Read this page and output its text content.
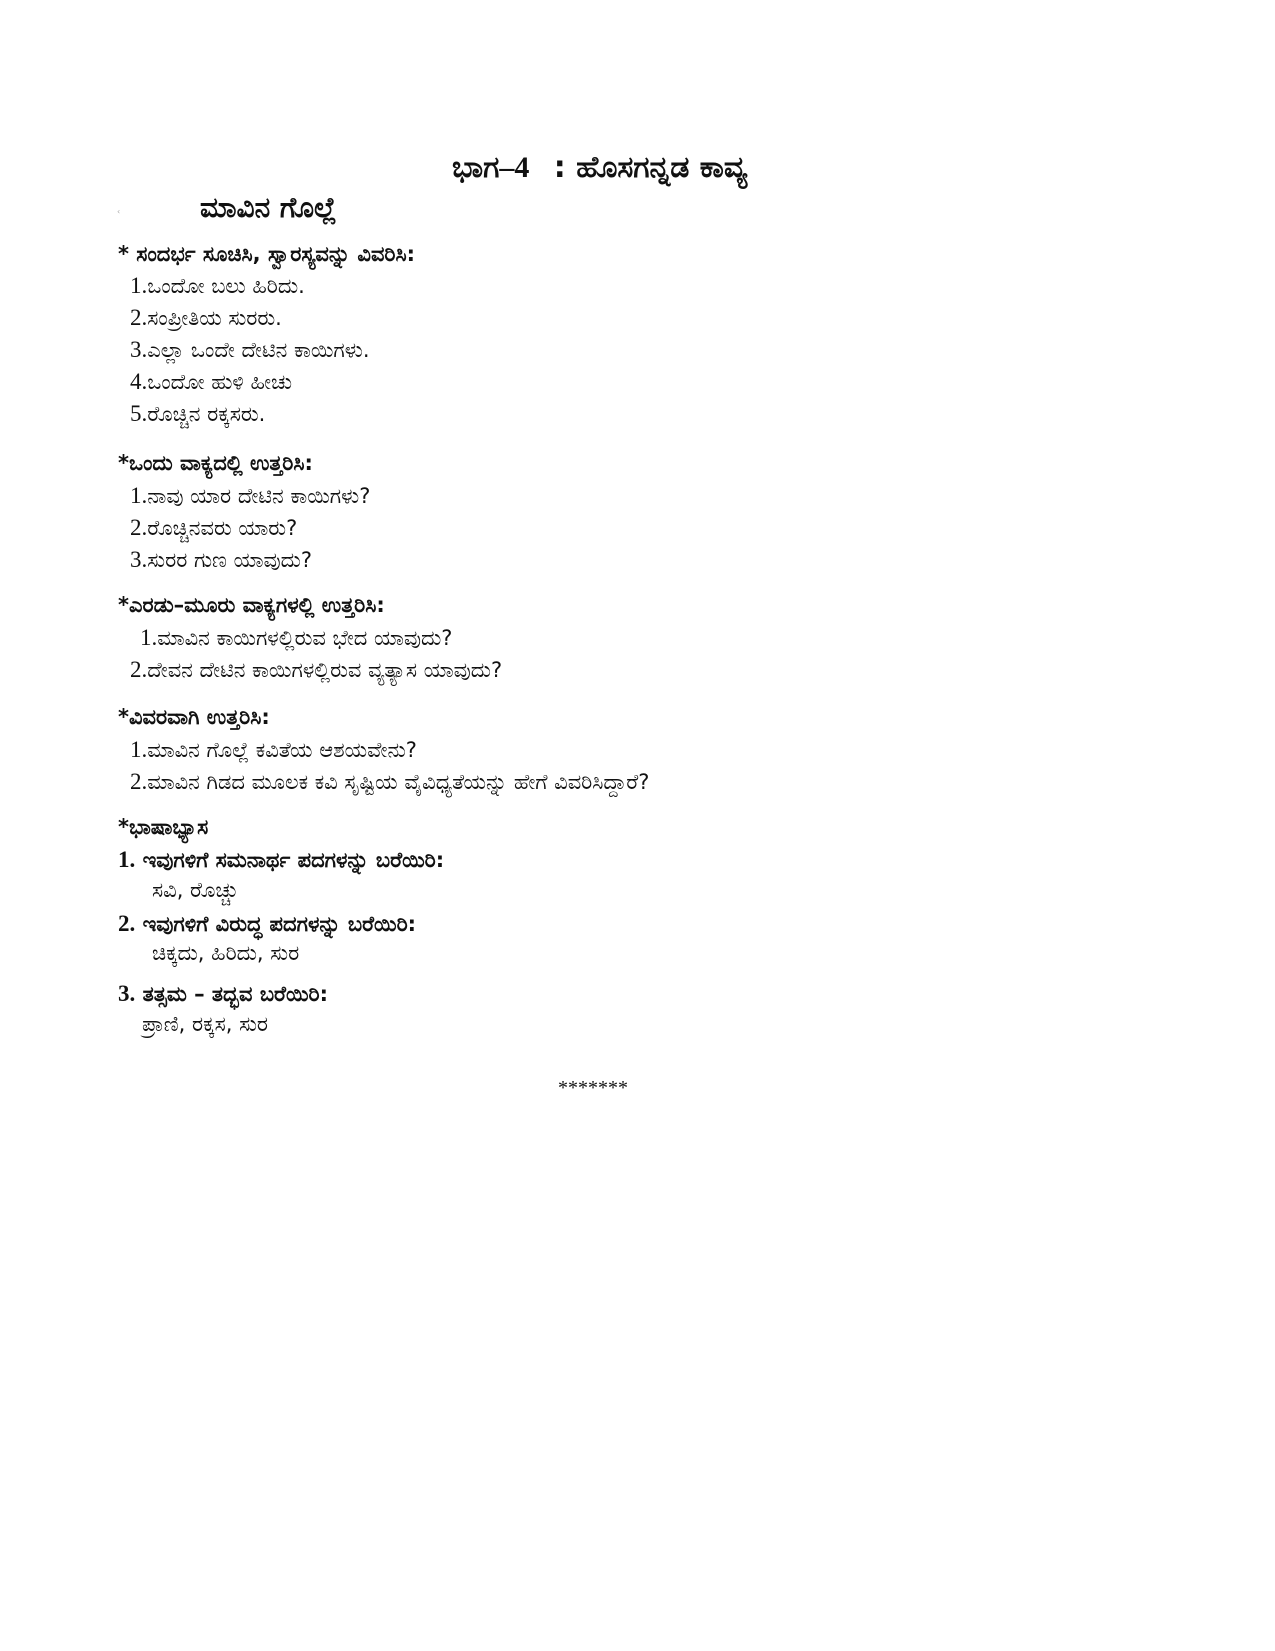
ಭಾಗ–4 : ಹೊಸಗನ್ನಡ ಕಾವ್ಯ
‹	ಮಾವಿನ ಗೊಲ್ಲೆ
* ಸಂದರ್ಭ ಸೂಚಿಸಿ, ಸ್ವಾರಸ್ಯವನ್ನು ವಿವರಿಸಿ:
1.ಒಂದೋ ಬಲು ಹಿರಿದು.
2.ಸಂಪ್ರೀತಿಯ ಸುರರು.
3.ಎಲ್ಲಾ ಒಂದೇ ದೇಟಿನ ಕಾಯಿಗಳು.
4.ಒಂದೋ ಹುಳಿ ಹೀಚು
5.ರೊಚ್ಚಿನ ರಕ್ಕಸರು.
*ಒಂದು ವಾಕ್ಯದಲ್ಲಿ ಉತ್ತರಿಸಿ:
1.ನಾವು ಯಾರ ದೇಟಿನ ಕಾಯಿಗಳು?
2.ರೊಚ್ಚಿನವರು ಯಾರು?
3.ಸುರರ ಗುಣ ಯಾವುದು?
*ಎರಡು–ಮೂರು ವಾಕ್ಯಗಳಲ್ಲಿ ಉತ್ತರಿಸಿ:
1.ಮಾವಿನ ಕಾಯಿಗಳಲ್ಲಿರುವ ಭೇದ ಯಾವುದು?
2.ದೇವನ ದೇಟಿನ ಕಾಯಿಗಳಲ್ಲಿರುವ ವ್ಯತ್ಯಾಸ ಯಾವುದು?
*ವಿವರವಾಗಿ ಉತ್ತರಿಸಿ:
1.ಮಾವಿನ ಗೊಲ್ಲೆ ಕವಿತೆಯ ಆಶಯವೇನು?
2.ಮಾವಿನ ಗಿಡದ ಮೂಲಕ ಕವಿ ಸೃಷ್ಟಿಯ ವೈವಿಧ್ಯತೆಯನ್ನು ಹೇಗೆ ವಿವರಿಸಿದ್ದಾರೆ?
*ಭಾಷಾಭ್ಯಾಸ
1. ಇವುಗಳಿಗೆ ಸಮನಾರ್ಥ ಪದಗಳನ್ನು ಬರೆಯಿರಿ:
ಸವಿ, ರೊಚ್ಚು
2. ಇವುಗಳಿಗೆ ವಿರುದ್ಧ ಪದಗಳನ್ನು ಬರೆಯಿರಿ:
ಚಿಕ್ಕದು, ಹಿರಿದು, ಸುರ
3. ತತ್ಸಮ – ತದ್ಭವ ಬರೆಯಿರಿ:
ಪ್ರಾಣಿ, ರಕ್ಕಸ, ಸುರ
*******
